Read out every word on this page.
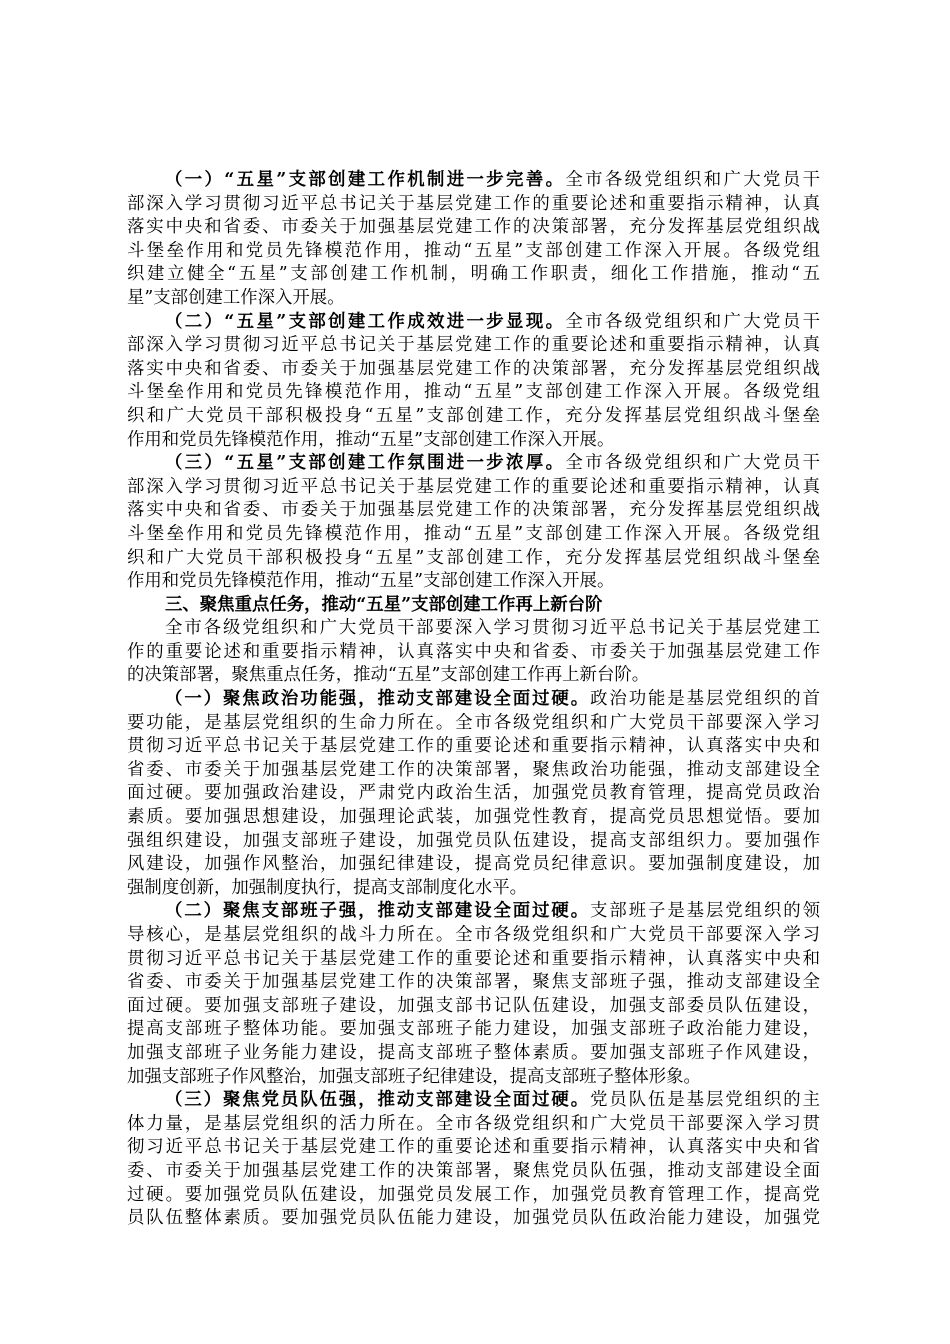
（一）“五星”支部创建工作机制进一步完善。全市各级党组织和广大党员干
部深入学习贯彻习近平总书记关于基层党建工作的重要论述和重要指示精神，认真
落实中央和省委、市委关于加强基层党建工作的决策部署，充分发挥基层党组织战
斗堡垒作用和党员先锋模范作用，推动“五星”支部创建工作深入开展。各级党组
织建立健全“五星”支部创建工作机制，明确工作职责，细化工作措施，推动“五
星”支部创建工作深入开展。
（二）“五星”支部创建工作成效进一步显现。全市各级党组织和广大党员干
部深入学习贯彻习近平总书记关于基层党建工作的重要论述和重要指示精神，认真
落实中央和省委、市委关于加强基层党建工作的决策部署，充分发挥基层党组织战
斗堡垒作用和党员先锋模范作用，推动“五星”支部创建工作深入开展。各级党组
织和广大党员干部积极投身“五星”支部创建工作，充分发挥基层党组织战斗堡垒
作用和党员先锋模范作用，推动“五星”支部创建工作深入开展。
（三）“五星”支部创建工作氛围进一步浓厚。全市各级党组织和广大党员干
部深入学习贯彻习近平总书记关于基层党建工作的重要论述和重要指示精神，认真
落实中央和省委、市委关于加强基层党建工作的决策部署，充分发挥基层党组织战
斗堡垒作用和党员先锋模范作用，推动“五星”支部创建工作深入开展。各级党组
织和广大党员干部积极投身“五星”支部创建工作，充分发挥基层党组织战斗堡垒
作用和党员先锋模范作用，推动“五星”支部创建工作深入开展。
三、聚焦重点任务，推动“五星”支部创建工作再上新台阶
全市各级党组织和广大党员干部要深入学习贯彻习近平总书记关于基层党建工
作的重要论述和重要指示精神，认真落实中央和省委、市委关于加强基层党建工作
的决策部署，聚焦重点任务，推动“五星”支部创建工作再上新台阶。
（一）聚焦政治功能强，推动支部建设全面过硬。政治功能是基层党组织的首
要功能，是基层党组织的生命力所在。全市各级党组织和广大党员干部要深入学习
贯彻习近平总书记关于基层党建工作的重要论述和重要指示精神，认真落实中央和
省委、市委关于加强基层党建工作的决策部署，聚焦政治功能强，推动支部建设全
面过硬。要加强政治建设，严肃党内政治生活，加强党员教育管理，提高党员政治
素质。要加强思想建设，加强理论武装，加强党性教育，提高党员思想觉悟。要加
强组织建设，加强支部班子建设，加强党员队伍建设，提高支部组织力。要加强作
风建设，加强作风整治，加强纪律建设，提高党员纪律意识。要加强制度建设，加
强制度创新，加强制度执行，提高支部制度化水平。
（二）聚焦支部班子强，推动支部建设全面过硬。支部班子是基层党组织的领
导核心，是基层党组织的战斗力所在。全市各级党组织和广大党员干部要深入学习
贯彻习近平总书记关于基层党建工作的重要论述和重要指示精神，认真落实中央和
省委、市委关于加强基层党建工作的决策部署，聚焦支部班子强，推动支部建设全
面过硬。要加强支部班子建设，加强支部书记队伍建设，加强支部委员队伍建设，
提高支部班子整体功能。要加强支部班子能力建设，加强支部班子政治能力建设，
加强支部班子业务能力建设，提高支部班子整体素质。要加强支部班子作风建设，
加强支部班子作风整治，加强支部班子纪律建设，提高支部班子整体形象。
（三）聚焦党员队伍强，推动支部建设全面过硬。党员队伍是基层党组织的主
体力量，是基层党组织的活力所在。全市各级党组织和广大党员干部要深入学习贯
彻习近平总书记关于基层党建工作的重要论述和重要指示精神，认真落实中央和省
委、市委关于加强基层党建工作的决策部署，聚焦党员队伍强，推动支部建设全面
过硬。要加强党员队伍建设，加强党员发展工作，加强党员教育管理工作，提高党
员队伍整体素质。要加强党员队伍能力建设，加强党员队伍政治能力建设，加强党
